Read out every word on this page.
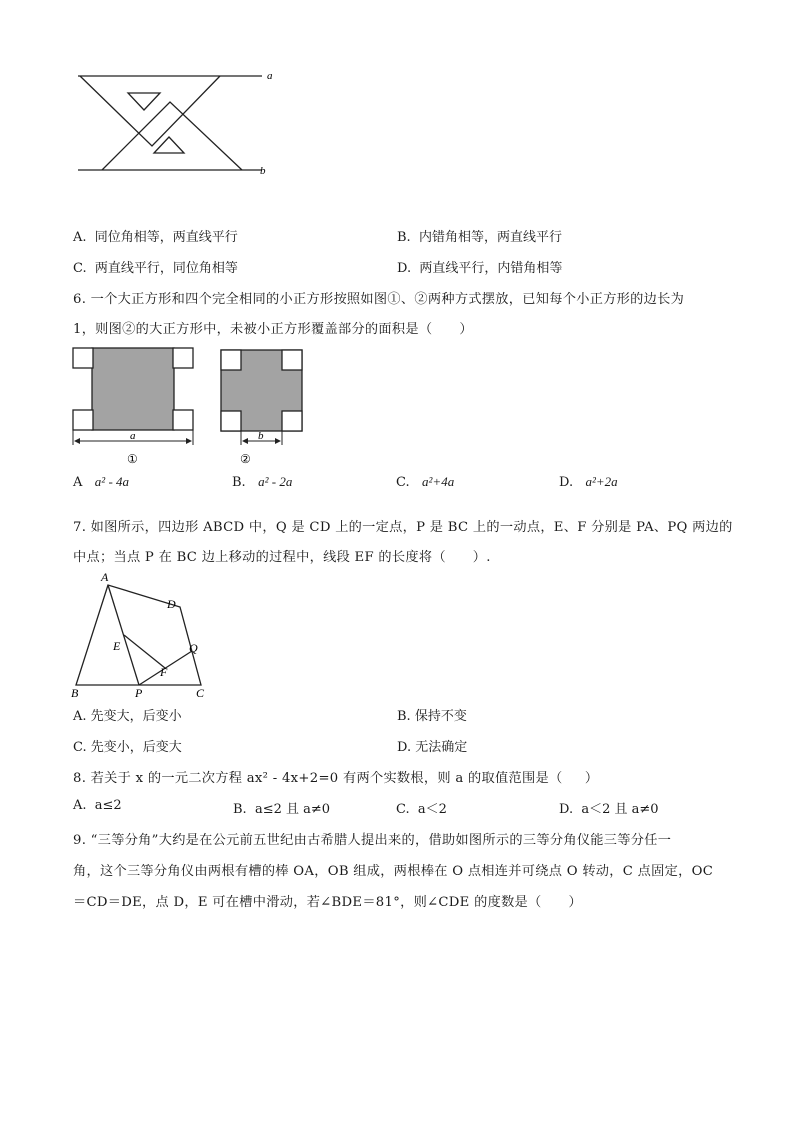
a
b
A.  同位角相等，两直线平行	B.  内错角相等，两直线平行
C.  两直线平行，同位角相等	D.  两直线平行，内错角相等
6. 一个大正方形和四个完全相同的小正方形按照如图①、②两种方式摆放，已知每个小正方形的边长为
1，则图②的大正方形中，未被小正方形覆盖部分的面积是（      ）
a
①
b
②
A a² - 4a	B. a² - 2a	C. a²+4a	D. a²+2a
7. 如图所示，四边形 ABCD 中，Q 是 CD 上的一定点，P 是 BC 上的一动点，E、F 分别是 PA、PQ 两边的
中点；当点 P 在 BC 边上移动的过程中，线段 EF 的长度将（      ）.
A
B	C
D
E
F
P
Q
A. 先变大，后变小	B. 保持不变
C. 先变小，后变大	D. 无法确定
8. 若关于 x 的一元二次方程 ax² - 4x+2=0 有两个实数根，则 a 的取值范围是（     ）
A.  a≤2	B.  a≤2 且 a≠0	C.  a＜2	D.  a＜2 且 a≠0
9. “三等分角”大约是在公元前五世纪由古希腊人提出来的，借助如图所示的三等分角仪能三等分任一
角，这个三等分角仪由两根有槽的棒 OA，OB 组成，两根棒在 O 点相连并可绕点 O 转动，C 点固定，OC
＝CD＝DE，点 D，E 可在槽中滑动，若∠BDE＝81°，则∠CDE 的度数是（      ）
